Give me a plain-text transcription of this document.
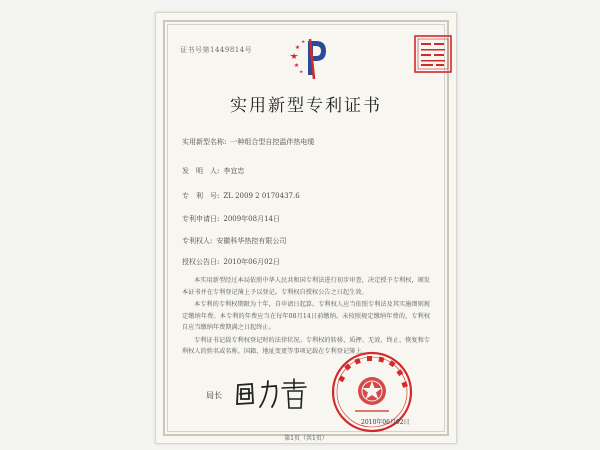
证书号第1449814号
实用新型专利证书
实用新型名称: 一种组合型自控温伴热电缆
发　明　人: 李宜忠
专　利　号: ZL 2009 2 0170437.6
专利申请日: 2009年08月14日
专利权人: 安徽科华热控有限公司
授权公告日: 2010年06月02日

本实用新型经过本局依照中华人民共和国专利法进行初步审查，决定授予专利权，颁发本证书并在专利登记簿上予以登记。专利权自授权公告之日起生效。

本专利的专利权期限为十年，自申请日起算。专利权人应当依照专利法及其实施细则规定缴纳年费。本专利的年费应当在每年08月14日前缴纳。未按照规定缴纳年费的，专利权自应当缴纳年费期满之日起终止。

专利证书记载专利权登记时的法律状况。专利权的转移、质押、无效、终止、恢复和专利权人的姓名或名称、国籍、地址变更等事项记载在专利登记簿上。

局长
2010年06月02日
第1页（共1页）
